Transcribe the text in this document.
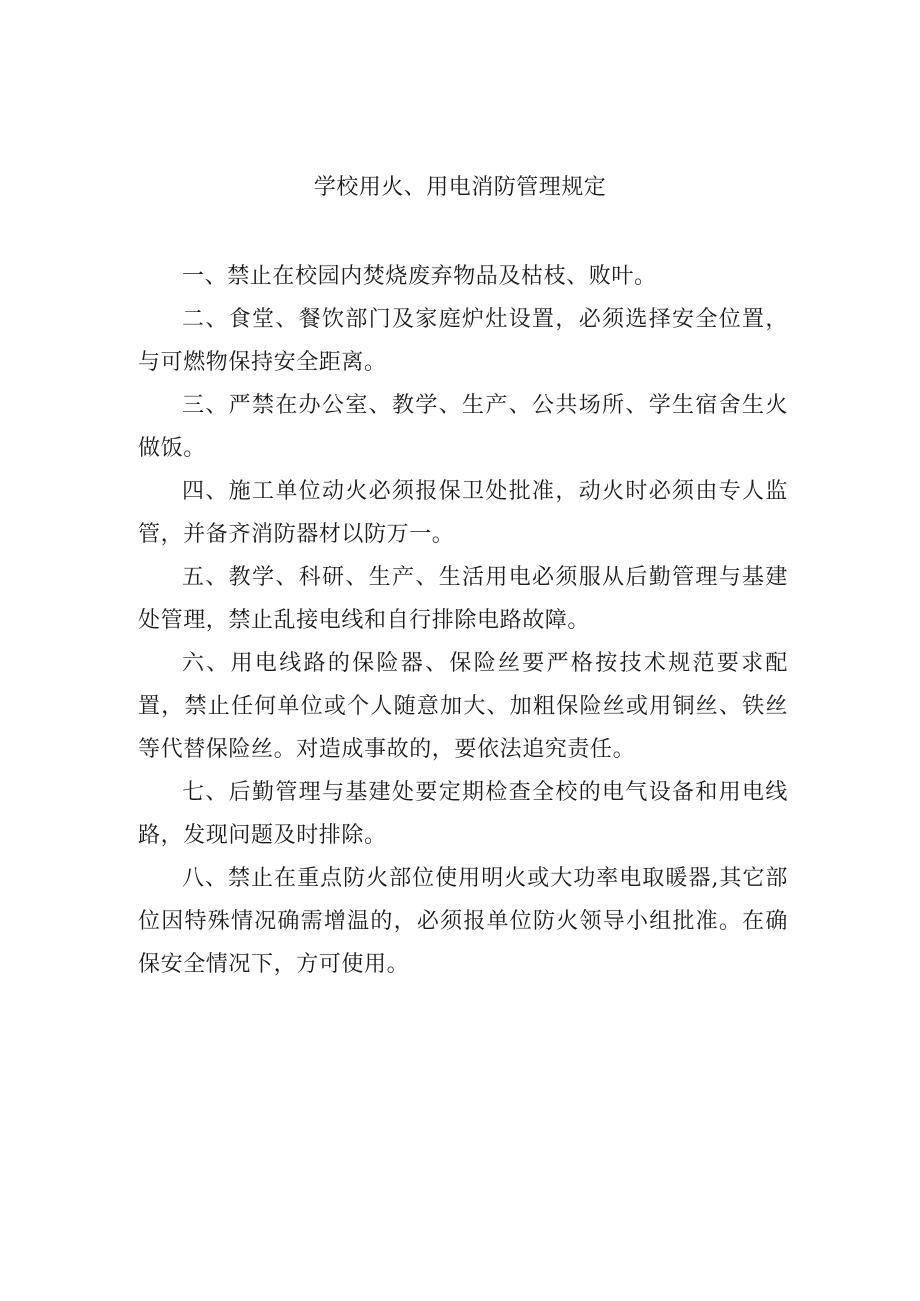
学校用火、用电消防管理规定

一、禁止在校园内焚烧废弃物品及枯枝、败叶。

二、食堂、餐饮部门及家庭炉灶设置，必须选择安全位置，与可燃物保持安全距离。

三、严禁在办公室、教学、生产、公共场所、学生宿舍生火做饭。

四、施工单位动火必须报保卫处批准，动火时必须由专人监管，并备齐消防器材以防万一。

五、教学、科研、生产、生活用电必须服从后勤管理与基建处管理，禁止乱接电线和自行排除电路故障。

六、用电线路的保险器、保险丝要严格按技术规范要求配置，禁止任何单位或个人随意加大、加粗保险丝或用铜丝、铁丝等代替保险丝。对造成事故的，要依法追究责任。

七、后勤管理与基建处要定期检查全校的电气设备和用电线路，发现问题及时排除。

八、禁止在重点防火部位使用明火或大功率电取暖器,其它部位因特殊情况确需增温的，必须报单位防火领导小组批准。在确保安全情况下，方可使用。
